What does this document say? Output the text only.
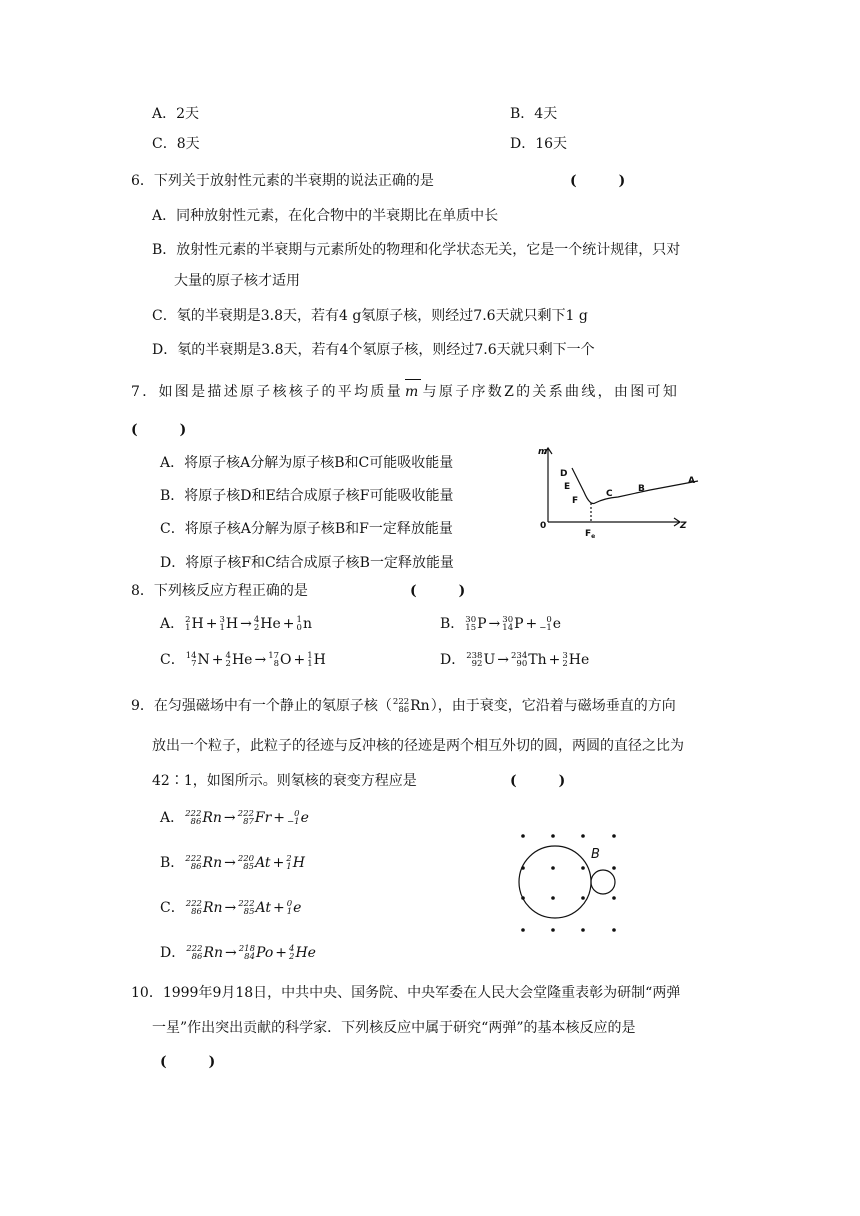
A．2天	B．4天
C．8天	D．16天
6．下列关于放射性元素的半衰期的说法正确的是	(　　　)
A．同种放射性元素，在化合物中的半衰期比在单质中长
B．放射性元素的半衰期与元素所处的物理和化学状态无关，它是一个统计规律，只对
大量的原子核才适用
C．氡的半衰期是3.8天，若有4 g氡原子核，则经过7.6天就只剩下1 g
D．氡的半衰期是3.8天，若有4个氡原子核，则经过7.6天就只剩下一个
7．如图是描述原子核核子的平均质量 m 与原子序数Z的关系曲线，由图可知
(　　　)
A．将原子核A分解为原子核B和C可能吸收能量
B．将原子核D和E结合成原子核F可能吸收能量
C．将原子核A分解为原子核B和F一定释放能量
D．将原子核F和C结合成原子核B一定释放能量
m
Z
0
D
E
F
C	B
A
$F_e$
8．下列核反应方程正确的是	(　　　)
A． 2
1 H + 3
1 H → 4
2 He + 1
0 n	B． 30
15 P → 30
14 P + 0
−1 e
C． 14
7 N + 4
2 He → 17
8 O + 1
1 H	D． 238
92 U → 234
90 Th + 3
2 He
9．在匀强磁场中有一个静止的氡原子核（ 222
86 Rn ），由于衰变，它沿着与磁场垂直的方向
放出一个粒子，此粒子的径迹与反冲核的径迹是两个相互外切的圆，两圆的直径之比为
42∶1，如图所示。则氡核的衰变方程应是	(　　　)
A． 222
86 Rn → 222
87 Fr + 0
−1 e
B． 222
86 Rn → 220
85 At + 2
1 H
C． 222
86 Rn → 222
85 At + 0
1 e
D． 222
86 Rn → 218
84 Po + 4
2 He
B
10．1999年9月18日，中共中央、国务院、中央军委在人民大会堂隆重表彰为研制“两弹
一星”作出突出贡献的科学家．下列核反应中属于研究“两弹”的基本核反应的是
(　　　)
